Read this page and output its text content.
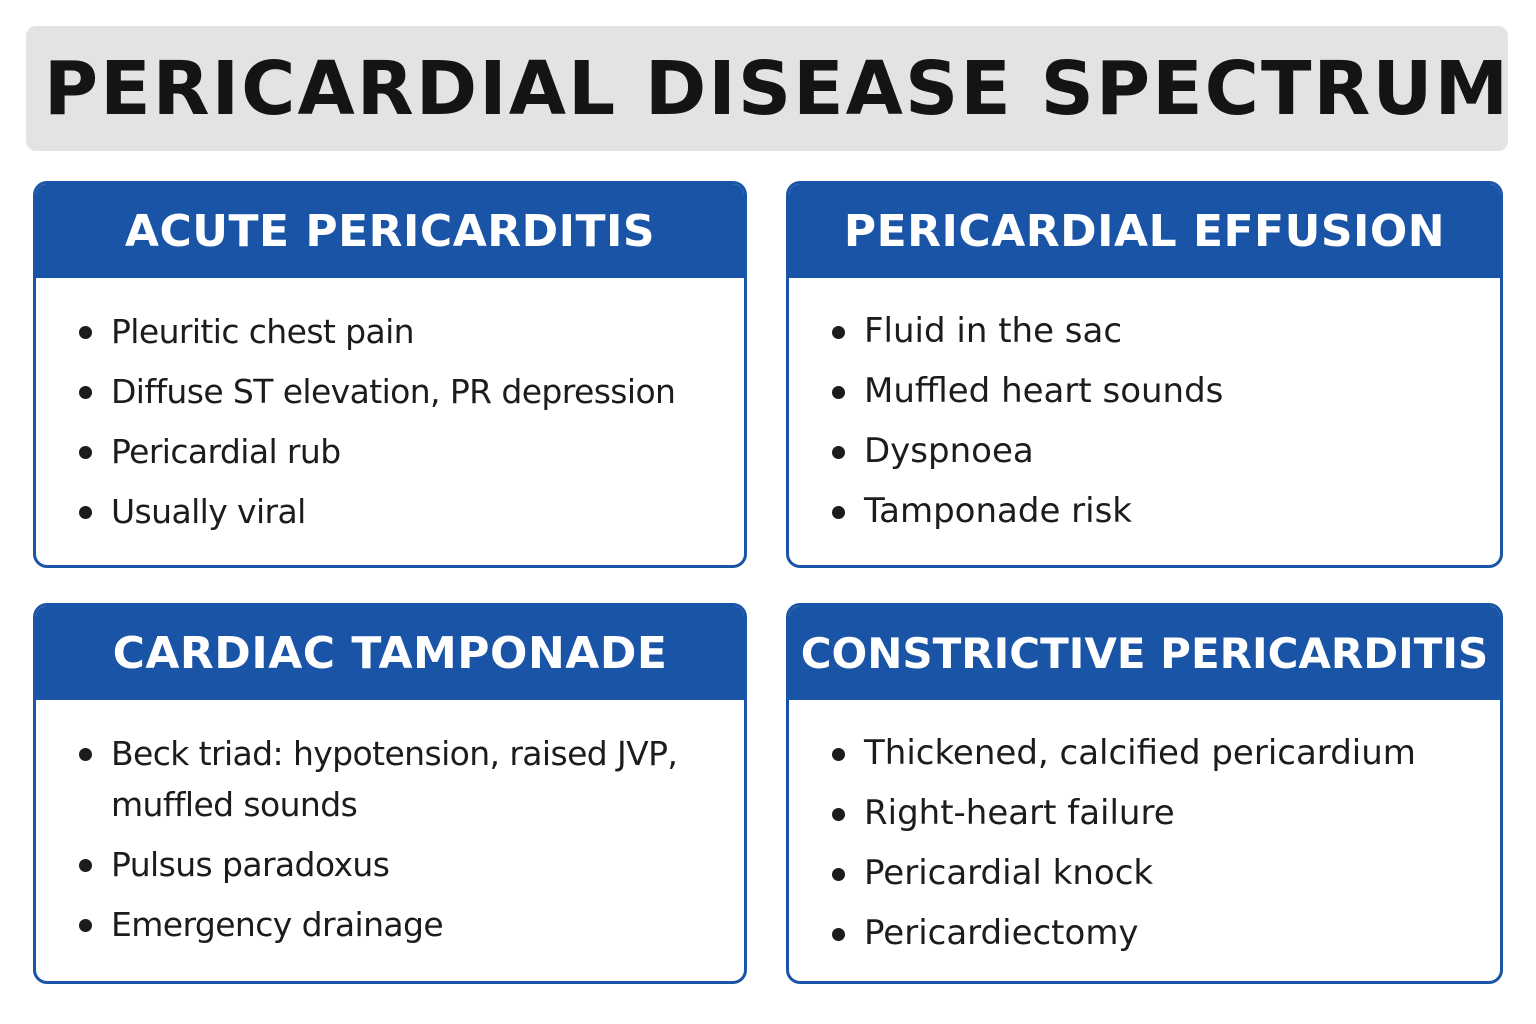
PERICARDIAL DISEASE SPECTRUM
ACUTE PERICARDITIS
Pleuritic chest pain
Diffuse ST elevation, PR depression
Pericardial rub
Usually viral
PERICARDIAL EFFUSION
Fluid in the sac
Muffled heart sounds
Dyspnoea
Tamponade risk
CARDIAC TAMPONADE
Beck triad: hypotension, raised JVP, muffled sounds
Pulsus paradoxus
Emergency drainage
CONSTRICTIVE PERICARDITIS
Thickened, calcified pericardium
Right-heart failure
Pericardial knock
Pericardiectomy
